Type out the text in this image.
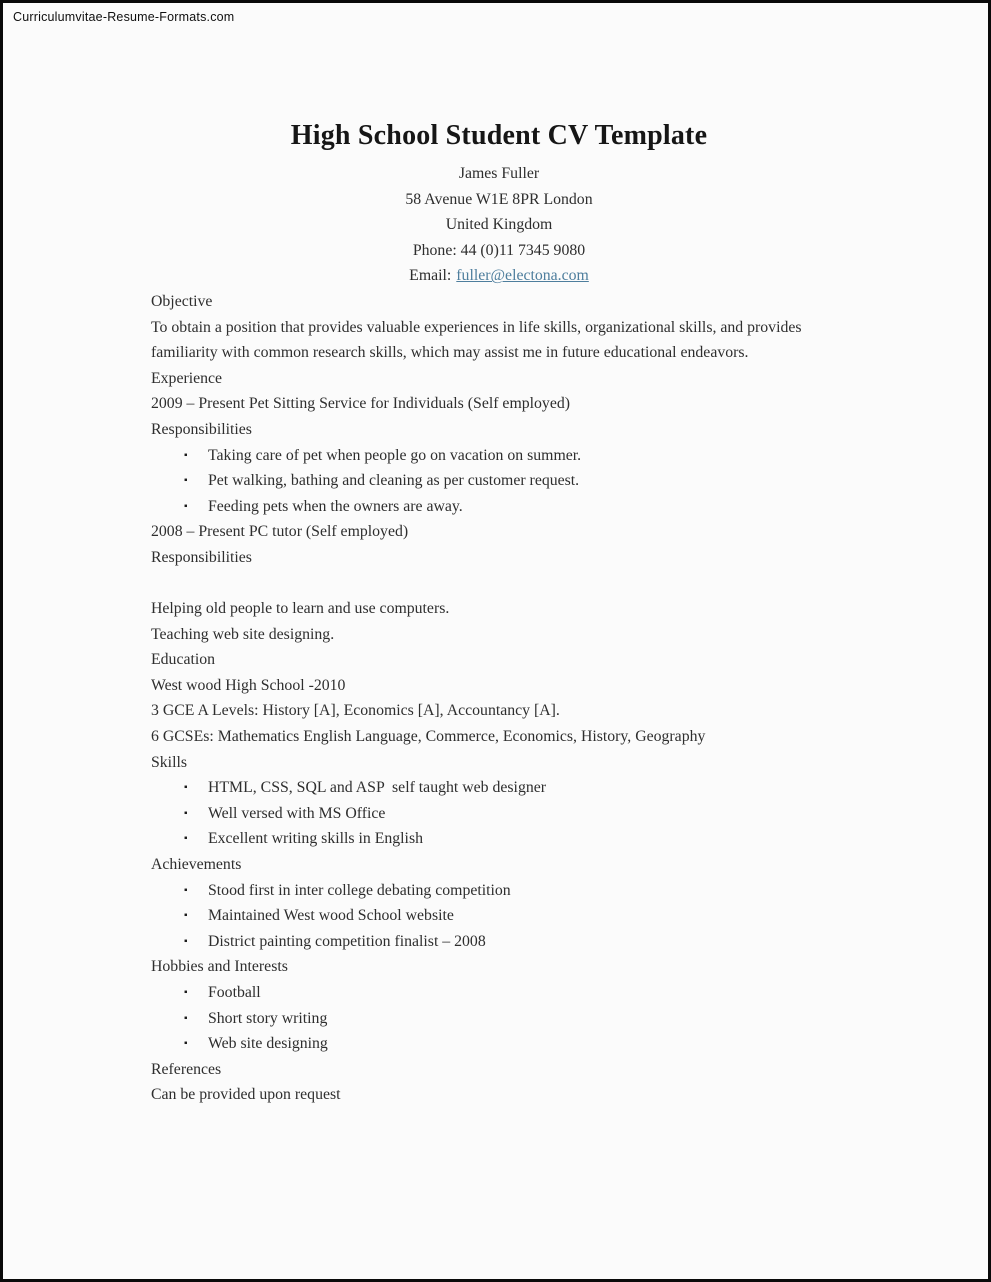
Curriculumvitae-Resume-Formats.com
High School Student CV Template
James Fuller
58 Avenue W1E 8PR London
United Kingdom
Phone: 44 (0)11 7345 9080
Email: fuller@electona.com
Objective
To obtain a position that provides valuable experiences in life skills, organizational skills, and provides familiarity with common research skills, which may assist me in future educational endeavors.
Experience
2009 – Present Pet Sitting Service for Individuals (Self employed)
Responsibilities
▪	Taking care of pet when people go on vacation on summer.
▪	Pet walking, bathing and cleaning as per customer request.
▪	Feeding pets when the owners are away.
2008 – Present PC tutor (Self employed)
Responsibilities
Helping old people to learn and use computers.
Teaching web site designing.
Education
West wood High School -2010
3 GCE A Levels: History [A], Economics [A], Accountancy [A].
6 GCSEs: Mathematics English Language, Commerce, Economics, History, Geography
Skills
▪	HTML, CSS, SQL and ASP  self taught web designer
▪	Well versed with MS Office
▪	Excellent writing skills in English
Achievements
▪	Stood first in inter college debating competition
▪	Maintained West wood School website
▪	District painting competition finalist – 2008
Hobbies and Interests
▪	Football
▪	Short story writing
▪	Web site designing
References
Can be provided upon request
